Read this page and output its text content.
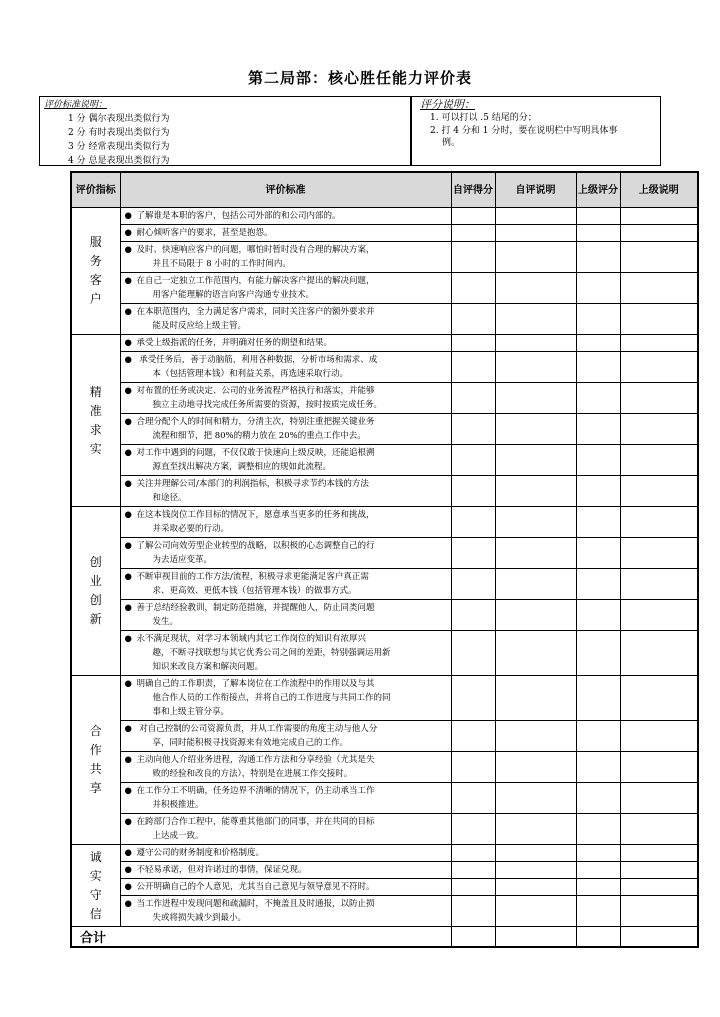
第二局部：核心胜任能力评价表
评价标准说明：
1 分 偶尔表现出类似行为
2 分 有时表现出类似行为
3 分 经常表现出类似行为
4 分 总是表现出类似行为
评分说明：
1. 可以打以 .5 结尾的分；
2. 打 4 分和 1 分时，要在说明栏中写明具体事
例。
评价指标	评价标准	自评得分	自评说明	上级评分	上级说明
服务客户	● 了解谁是本职的客户，包括公司外部的和公司内部的。				
	● 耐心倾听客户的要求，甚至是抱怨。				
	● 及时、快速响应客户的问题，哪怕时暂时没有合理的解决方案，
并且不局限于 8 小时的工作时间内。				

	● 在自己一定独立工作范围内，有能力解决客户提出的解决问题，
用客户能理解的语言向客户沟通专业技术。				

	● 在本职范围内，全力满足客户需求，同时关注客户的额外要求并
能及时反应给上级主管。				

精准求实	● 承受上级指派的任务，并明确对任务的期望和结果。				
	● 承受任务后，善于动脑筋，利用各种数据，分析市场和需求、成
本（包括管理本钱）和利益关系，再选速采取行动。				

	● 对布置的任务或决定、公司的业务流程严格执行和落实，并能够
独立主动地寻找完成任务所需要的资源，按时按质完成任务。				

	● 合理分配个人的时间和精力，分清主次，特别注重把握关键业务
流程和细节，把 80%的精力放在 20%的重点工作中去。				

	● 对工作中遇到的问题，不仅仅敢于快速向上级反映，还能追根溯
源直至找出解决方案，调整相应的规如此流程。				

	● 关注并理解公司/本部门的利润指标，积极寻求节约本钱的方法
和途径。				

创业创新	● 在这本钱岗位工作目标的情况下，愿意承当更多的任务和挑战，
并采取必要的行动。				

	● 了解公司向效劳型企业转型的战略，以积极的心态调整自己的行
为去适应变革。				

	● 不断审视目前的工作方法/流程，积极寻求更能满足客户真正需
求、更高效、更低本钱（包括管理本钱）的做事方式。				

	● 善于总结经验教训，制定防范措施，并提醒他人，防止同类问题
发生。				

	● 永不满足现状，对学习本领域内其它工作岗位的知识有浓厚兴
趣，不断寻找联想与其它优秀公司之间的差距，特别强调运用新
知识来改良方案和解决问题。				

合作共享	● 明确自己的工作职责，了解本岗位在工作流程中的作用以及与其
他合作人员的工作衔接点，并将自己的工作进度与共同工作的同
事和上级主管分享。				

	● 对自己控制的公司资源负责，并从工作需要的角度主动与他人分
享，同时能积极寻找资源来有效地完成自己的工作。				

	● 主动向他人介绍业务进程，沟通工作方法和分享经验（尤其是失
败的经验和改良的方法），特别是在进展工作交接时。				

	● 在工作分工不明确，任务边界不清晰的情况下，仍主动承当工作
并积极推进。				

	● 在跨部门合作工程中，能尊重其他部门的同事，并在共同的目标
上达成一致。				

诚实守信	● 遵守公司的财务制度和价格制度。				
	● 不轻易承诺，但对许诺过的事情，保证兑现。				
	● 公开明确自己的个人意见，尤其当自己意见与领导意见不符时。				
	● 当工作进程中发现问题和疏漏时，不掩盖且及时通报，以防止损
失或将损失减少到最小。				

合计					
